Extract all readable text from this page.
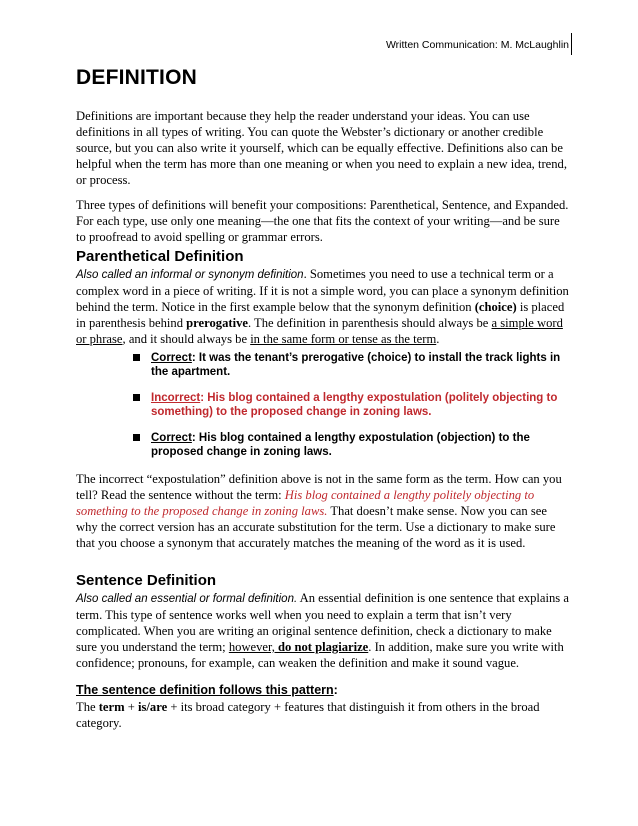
Written Communication: M. McLaughlin
DEFINITION

Definitions are important because they help the reader understand your ideas. You can use definitions in all types of writing. You can quote the Webster’s dictionary or another credible source, but you can also write it yourself, which can be equally effective. Definitions also can be helpful when the term has more than one meaning or when you need to explain a new idea, trend, or process.

Three types of definitions will benefit your compositions: Parenthetical, Sentence, and Expanded. For each type, use only one meaning—the one that fits the context of your writing—and be sure to proofread to avoid spelling or grammar errors.

Parenthetical Definition

Also called an informal or synonym definition. Sometimes you need to use a technical term or a complex word in a piece of writing. If it is not a simple word, you can place a synonym definition behind the term. Notice in the first example below that the synonym definition (choice) is placed in parenthesis behind prerogative. The definition in parenthesis should always be a simple word or phrase, and it should always be in the same form or tense as the term.

Correct: It was the tenant’s prerogative (choice) to install the track lights in the apartment.
Incorrect: His blog contained a lengthy expostulation (politely objecting to something) to the proposed change in zoning laws.
Correct: His blog contained a lengthy expostulation (objection) to the proposed change in zoning laws.

The incorrect “expostulation” definition above is not in the same form as the term. How can you tell? Read the sentence without the term: His blog contained a lengthy politely objecting to something to the proposed change in zoning laws. That doesn’t make sense. Now you can see why the correct version has an accurate substitution for the term. Use a dictionary to make sure that you choose a synonym that accurately matches the meaning of the word as it is used.

Sentence Definition

Also called an essential or formal definition. An essential definition is one sentence that explains a term. This type of sentence works well when you need to explain a term that isn’t very complicated. When you are writing an original sentence definition, check a dictionary to make sure you understand the term; however, do not plagiarize. In addition, make sure you write with confidence; pronouns, for example, can weaken the definition and make it sound vague.

The sentence definition follows this pattern:

The term + is/are + its broad category + features that distinguish it from others in the broad category.
